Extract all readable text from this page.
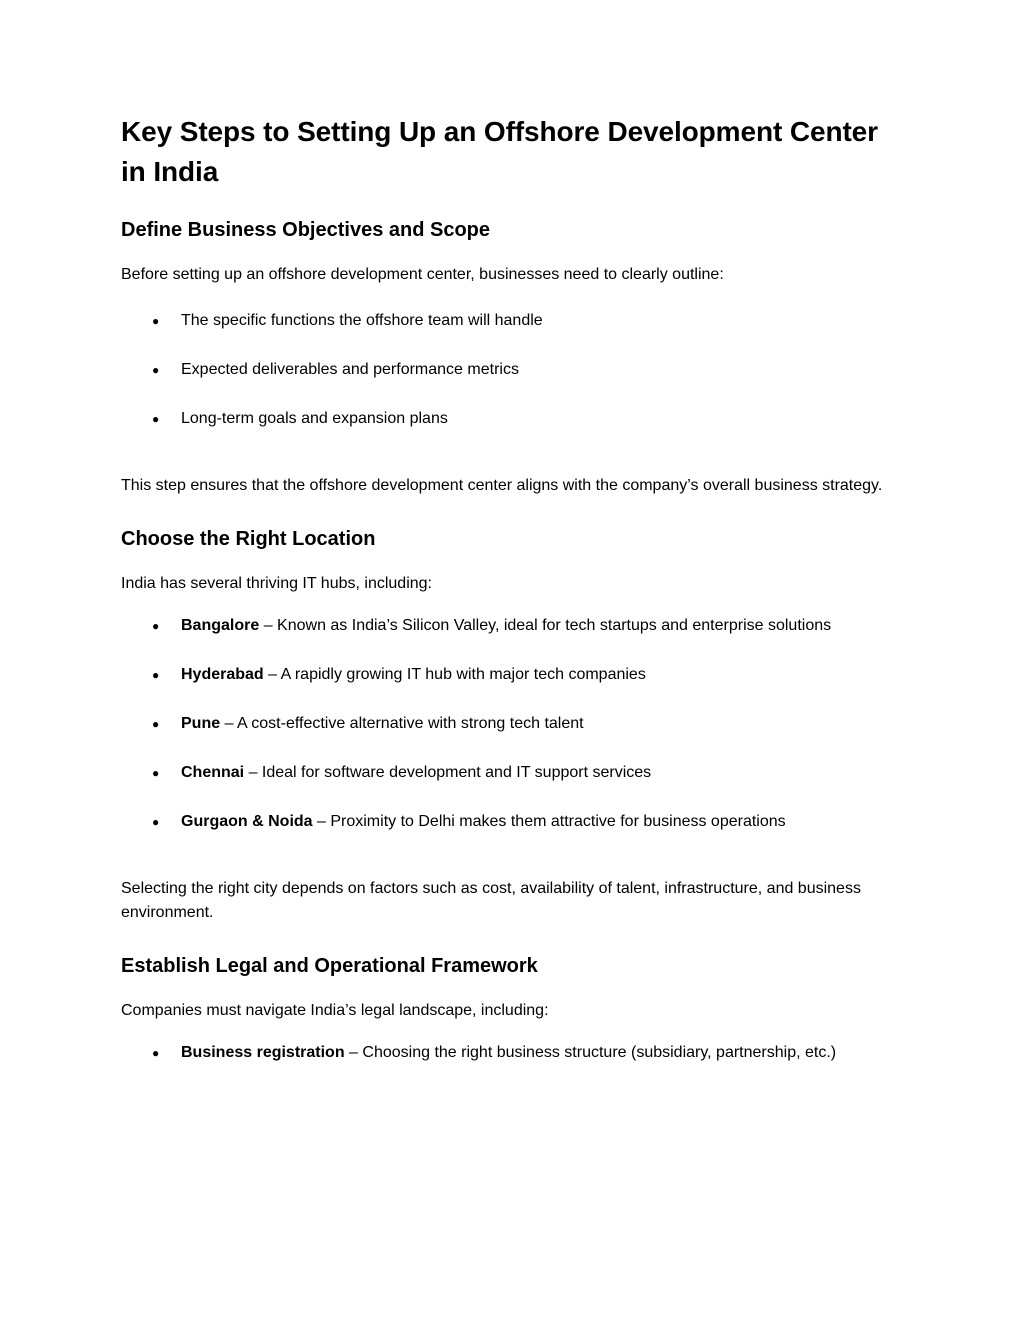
Key Steps to Setting Up an Offshore Development Center in India
Define Business Objectives and Scope

Before setting up an offshore development center, businesses need to clearly outline:

● The specific functions the offshore team will handle
● Expected deliverables and performance metrics
● Long-term goals and expansion plans

This step ensures that the offshore development center aligns with the company’s overall business strategy.

Choose the Right Location

India has several thriving IT hubs, including:

● Bangalore – Known as India’s Silicon Valley, ideal for tech startups and enterprise solutions
● Hyderabad – A rapidly growing IT hub with major tech companies
● Pune – A cost-effective alternative with strong tech talent
● Chennai – Ideal for software development and IT support services
● Gurgaon & Noida – Proximity to Delhi makes them attractive for business operations

Selecting the right city depends on factors such as cost, availability of talent, infrastructure, and business environment.

Establish Legal and Operational Framework

Companies must navigate India’s legal landscape, including:

● Business registration – Choosing the right business structure (subsidiary, partnership, etc.)
